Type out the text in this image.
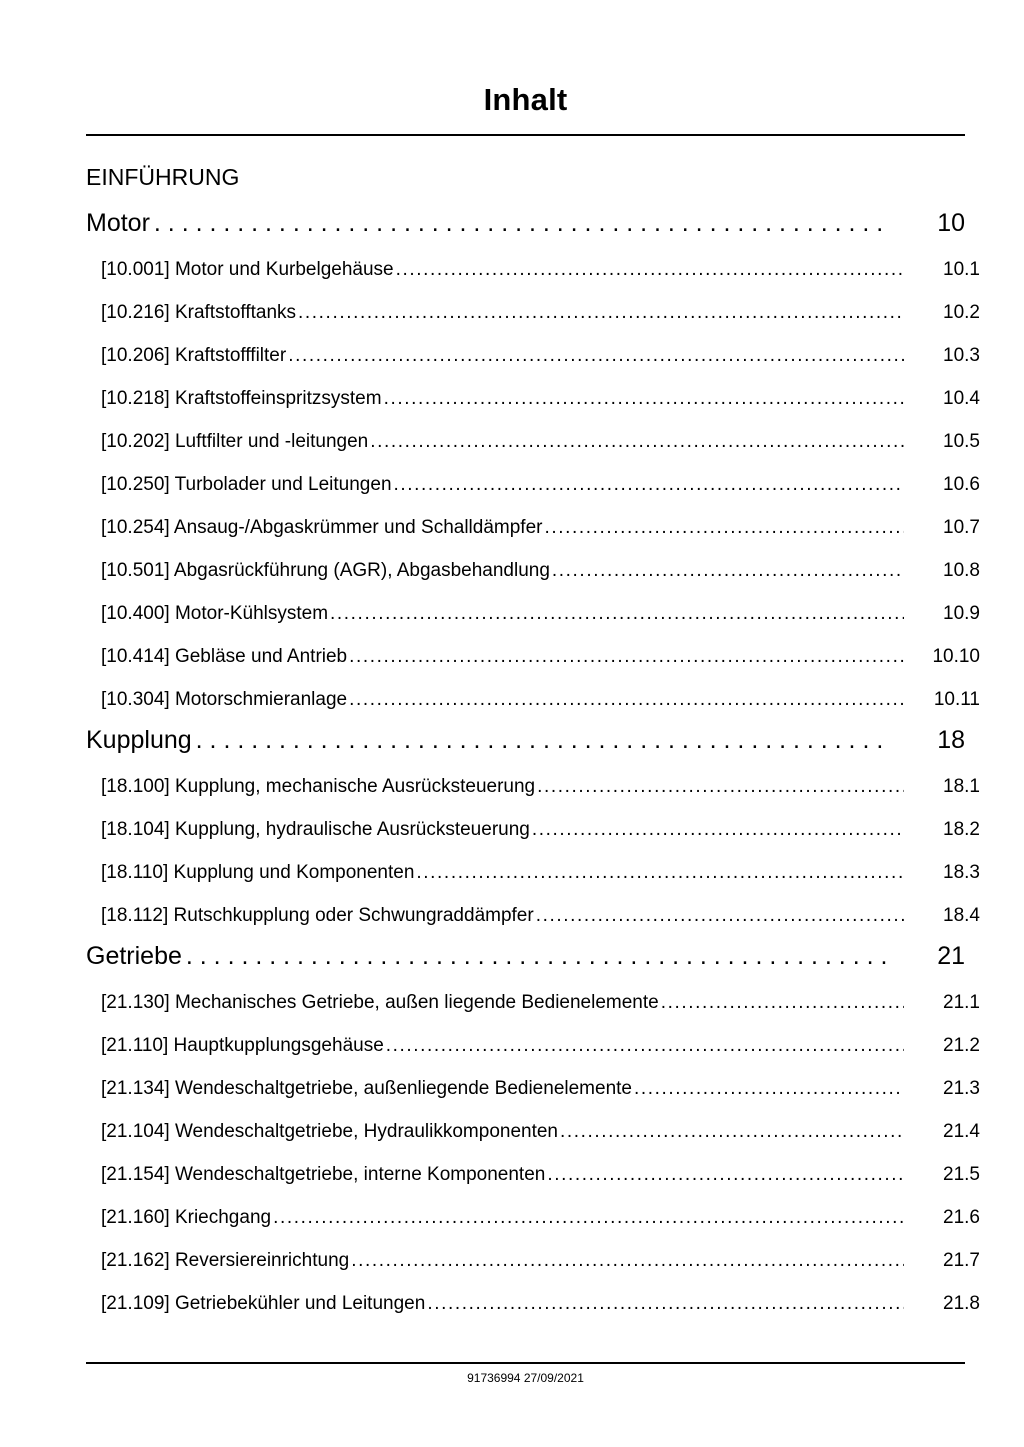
Inhalt
EINFÜHRUNG
Motor . . .	10
[10.001] Motor und Kurbelgehäuse .....	10.1
[10.216] Kraftstofftanks .....	10.2
[10.206] Kraftstofffilter .....	10.3
[10.218] Kraftstoffeinspritzsystem .....	10.4
[10.202] Luftfilter und -leitungen .....	10.5
[10.250] Turbolader und Leitungen .....	10.6
[10.254] Ansaug-/Abgaskrümmer und Schalldämpfer .....	10.7
[10.501] Abgasrückführung (AGR), Abgasbehandlung .....	10.8
[10.400] Motor-Kühlsystem .....	10.9
[10.414] Gebläse und Antrieb .....	10.10
[10.304] Motorschmieranlage .....	10.11
Kupplung . . .	18
[18.100] Kupplung, mechanische Ausrücksteuerung .....	18.1
[18.104] Kupplung, hydraulische Ausrücksteuerung .....	18.2
[18.110] Kupplung und Komponenten .....	18.3
[18.112] Rutschkupplung oder Schwungraddämpfer .....	18.4
Getriebe . . .	21
[21.130] Mechanisches Getriebe, außen liegende Bedienelemente .....	21.1
[21.110] Hauptkupplungsgehäuse .....	21.2
[21.134] Wendeschaltgetriebe, außenliegende Bedienelemente .....	21.3
[21.104] Wendeschaltgetriebe, Hydraulikkomponenten .....	21.4
[21.154] Wendeschaltgetriebe, interne Komponenten .....	21.5
[21.160] Kriechgang .....	21.6
[21.162] Reversiereinrichtung .....	21.7
[21.109] Getriebekühler und Leitungen .....	21.8
91736994 27/09/2021
